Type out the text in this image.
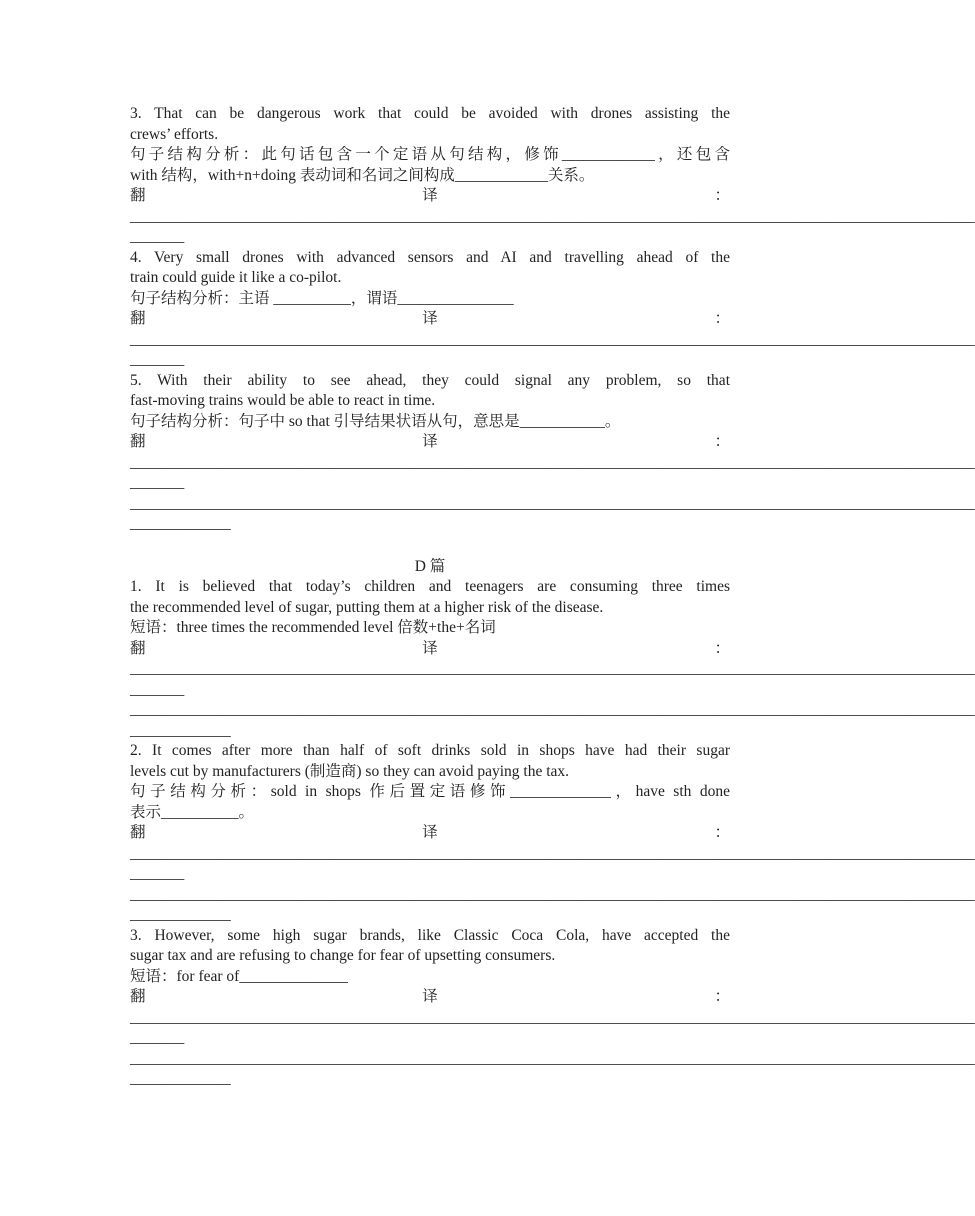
3. That can be dangerous work that could be avoided with drones assisting the

crews’ efforts.

句子结构分析：此句话包含一个定语从句结构，修饰____________，还包含

with 结构，with+n+doing 表动词和名词之间构成____________关系。

翻	译	：
_____________________________________________________________________________________________________________
_______

4. Very small drones with advanced sensors and AI and travelling ahead of the

train could guide it like a co-pilot.

句子结构分析：主语 __________，谓语_______________

翻	译	：
_____________________________________________________________________________________________________________
_______

5. With their ability to see ahead, they could signal any problem, so that

fast-moving trains would be able to react in time.

句子结构分析：句子中 so that 引导结果状语从句，意思是___________。

翻	译	：
_____________________________________________________________________________________________________________
_______
_____________________________________________________________________________________________________________
_____________

D 篇

1. It is believed that today’s children and teenagers are consuming three times

the recommended level of sugar, putting them at a higher risk of the disease.

短语：three times the recommended level 倍数+the+名词

翻	译	：
_____________________________________________________________________________________________________________
_______
_____________________________________________________________________________________________________________
_____________

2. It comes after more than half of soft drinks sold in shops have had their sugar

levels cut by manufacturers (制造商) so they can avoid paying the tax.

句子结构分析：sold in shops 作后置定语修饰_____________，have sth done

表示__________。

翻	译	：
_____________________________________________________________________________________________________________
_______
_____________________________________________________________________________________________________________
_____________

3. However, some high sugar brands, like Classic Coca Cola, have accepted the

sugar tax and are refusing to change for fear of upsetting consumers.

短语：for fear of______________

翻	译	：
_____________________________________________________________________________________________________________
_______
_____________________________________________________________________________________________________________
_____________
